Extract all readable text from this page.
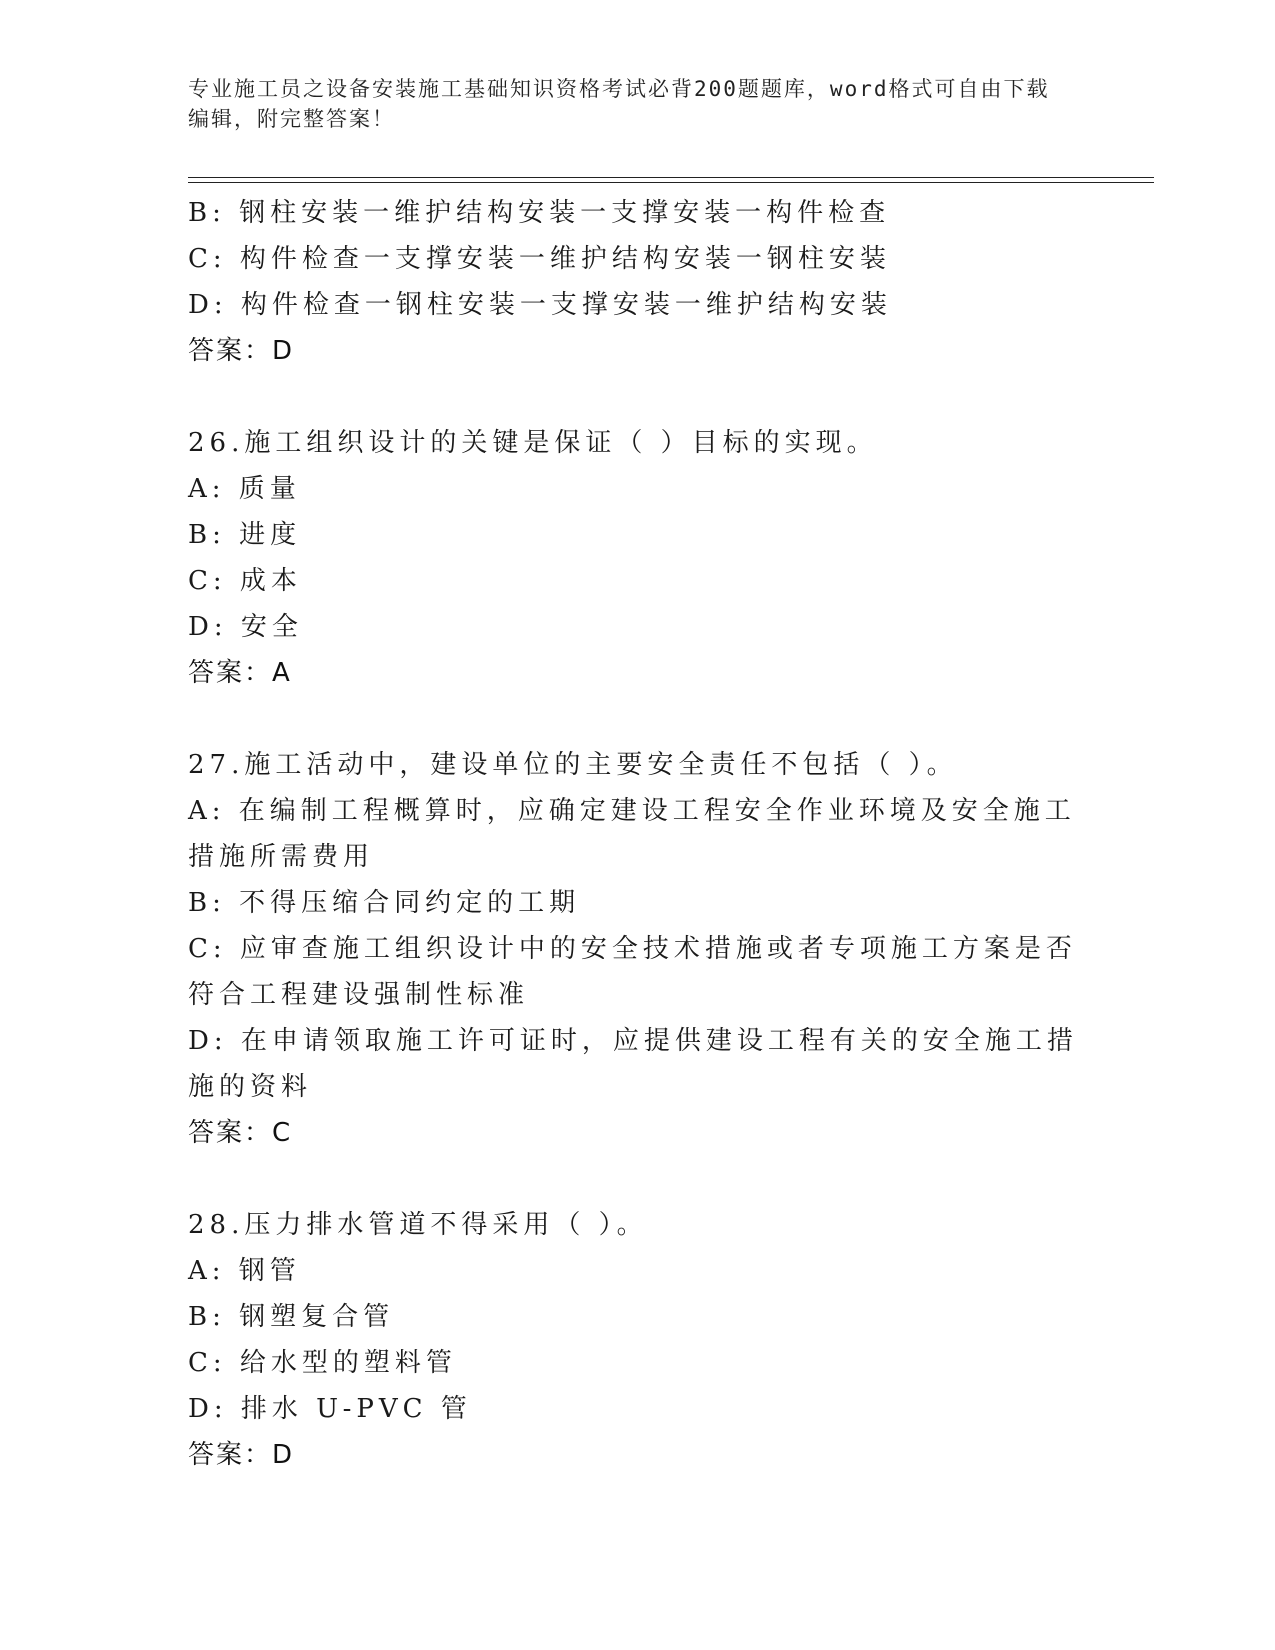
专业施工员之设备安装施工基础知识资格考试必背200题题库，word格式可自由下载编辑，附完整答案！
B: 钢柱安装一维护结构安装一支撑安装一构件检查
C: 构件检查一支撑安装一维护结构安装一钢柱安装
D: 构件检查一钢柱安装一支撑安装一维护结构安装
答案：D
26.施工组织设计的关键是保证（ ）目标的实现。
A: 质量
B: 进度
C: 成本
D: 安全
答案：A
27.施工活动中，建设单位的主要安全责任不包括（ ）。
A: 在编制工程概算时，应确定建设工程安全作业环境及安全施工措施所需费用
B: 不得压缩合同约定的工期
C: 应审查施工组织设计中的安全技术措施或者专项施工方案是否符合工程建设强制性标准
D: 在申请领取施工许可证时，应提供建设工程有关的安全施工措施的资料
答案：C
28.压力排水管道不得采用（ ）。
A: 钢管
B: 钢塑复合管
C: 给水型的塑料管
D: 排水 U-PVC 管
答案：D
